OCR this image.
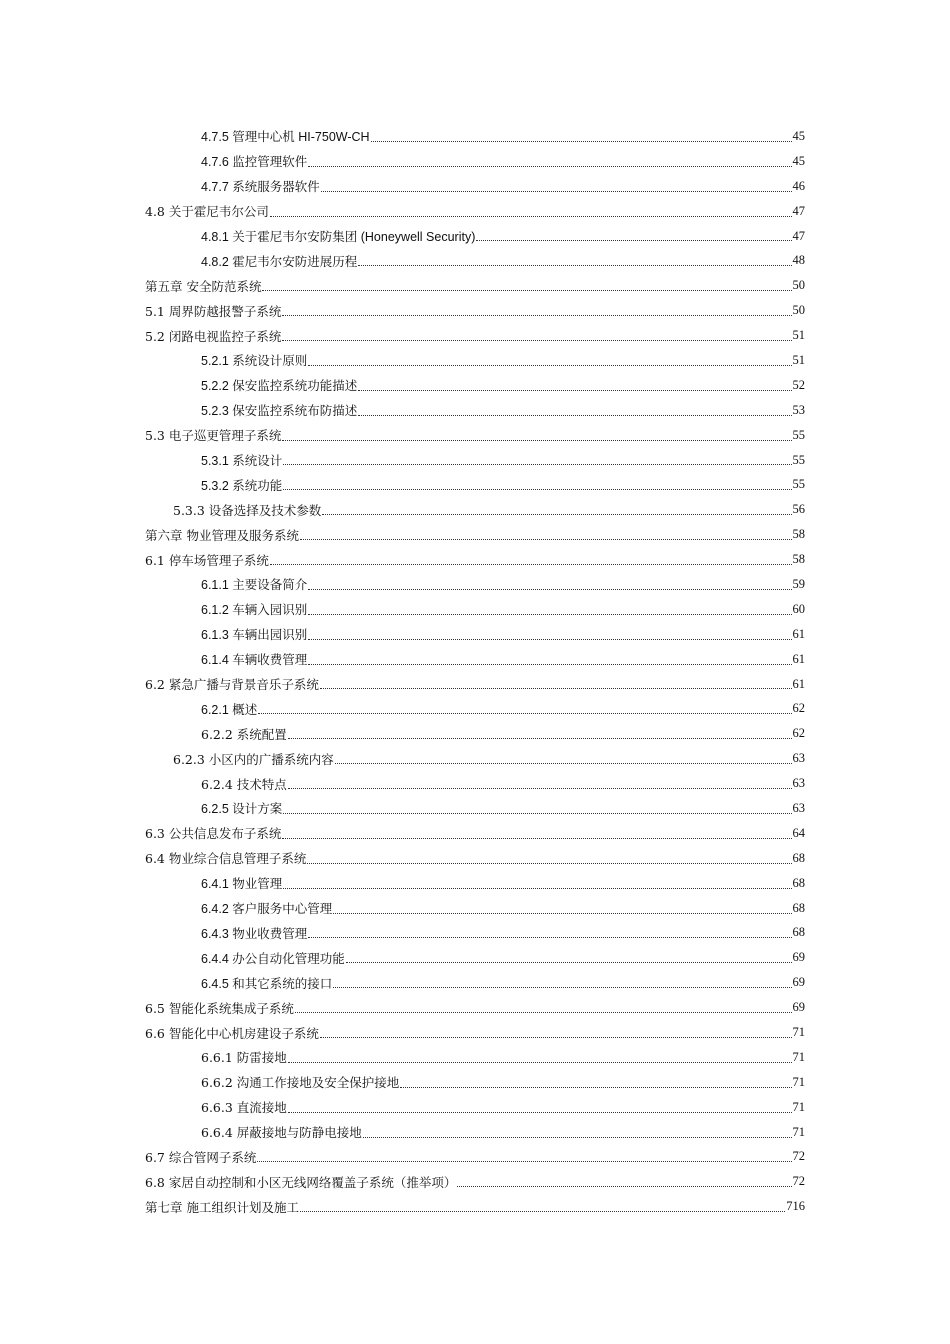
4.7.5 管理中心机 HI-750W-CH	45
4.7.6 监控管理软件	45
4.7.7 系统服务器软件	46
4.8 关于霍尼韦尔公司	47
4.8.1 关于霍尼韦尔安防集团 (Honeywell Security)	47
4.8.2 霍尼韦尔安防进展历程	48
第五章 安全防范系统	50
5.1 周界防越报警子系统	50
5.2 闭路电视监控子系统	51
5.2.1 系统设计原则	51
5.2.2 保安监控系统功能描述	52
5.2.3 保安监控系统布防描述	53
5.3 电子巡更管理子系统	55
5.3.1 系统设计	55
5.3.2 系统功能	55
5.3.3 设备选择及技术参数	56
第六章 物业管理及服务系统	58
6.1 停车场管理子系统	58
6.1.1 主要设备简介	59
6.1.2 车辆入园识别	60
6.1.3 车辆出园识别	61
6.1.4 车辆收费管理	61
6.2 紧急广播与背景音乐子系统	61
6.2.1 概述	62
6.2.2 系统配置	62
6.2.3 小区内的广播系统内容	63
6.2.4 技术特点	63
6.2.5 设计方案	63
6.3 公共信息发布子系统	64
6.4 物业综合信息管理子系统	68
6.4.1 物业管理	68
6.4.2 客户服务中心管理	68
6.4.3 物业收费管理	68
6.4.4 办公自动化管理功能	69
6.4.5 和其它系统的接口	69
6.5 智能化系统集成子系统	69
6.6 智能化中心机房建设子系统	71
6.6.1 防雷接地	71
6.6.2 沟通工作接地及安全保护接地	71
6.6.3 直流接地	71
6.6.4 屏蔽接地与防静电接地	71
6.7 综合管网子系统	72
6.8 家居自动控制和小区无线网络覆盖子系统（推举项）	72
第七章 施工组织计划及施工	716
